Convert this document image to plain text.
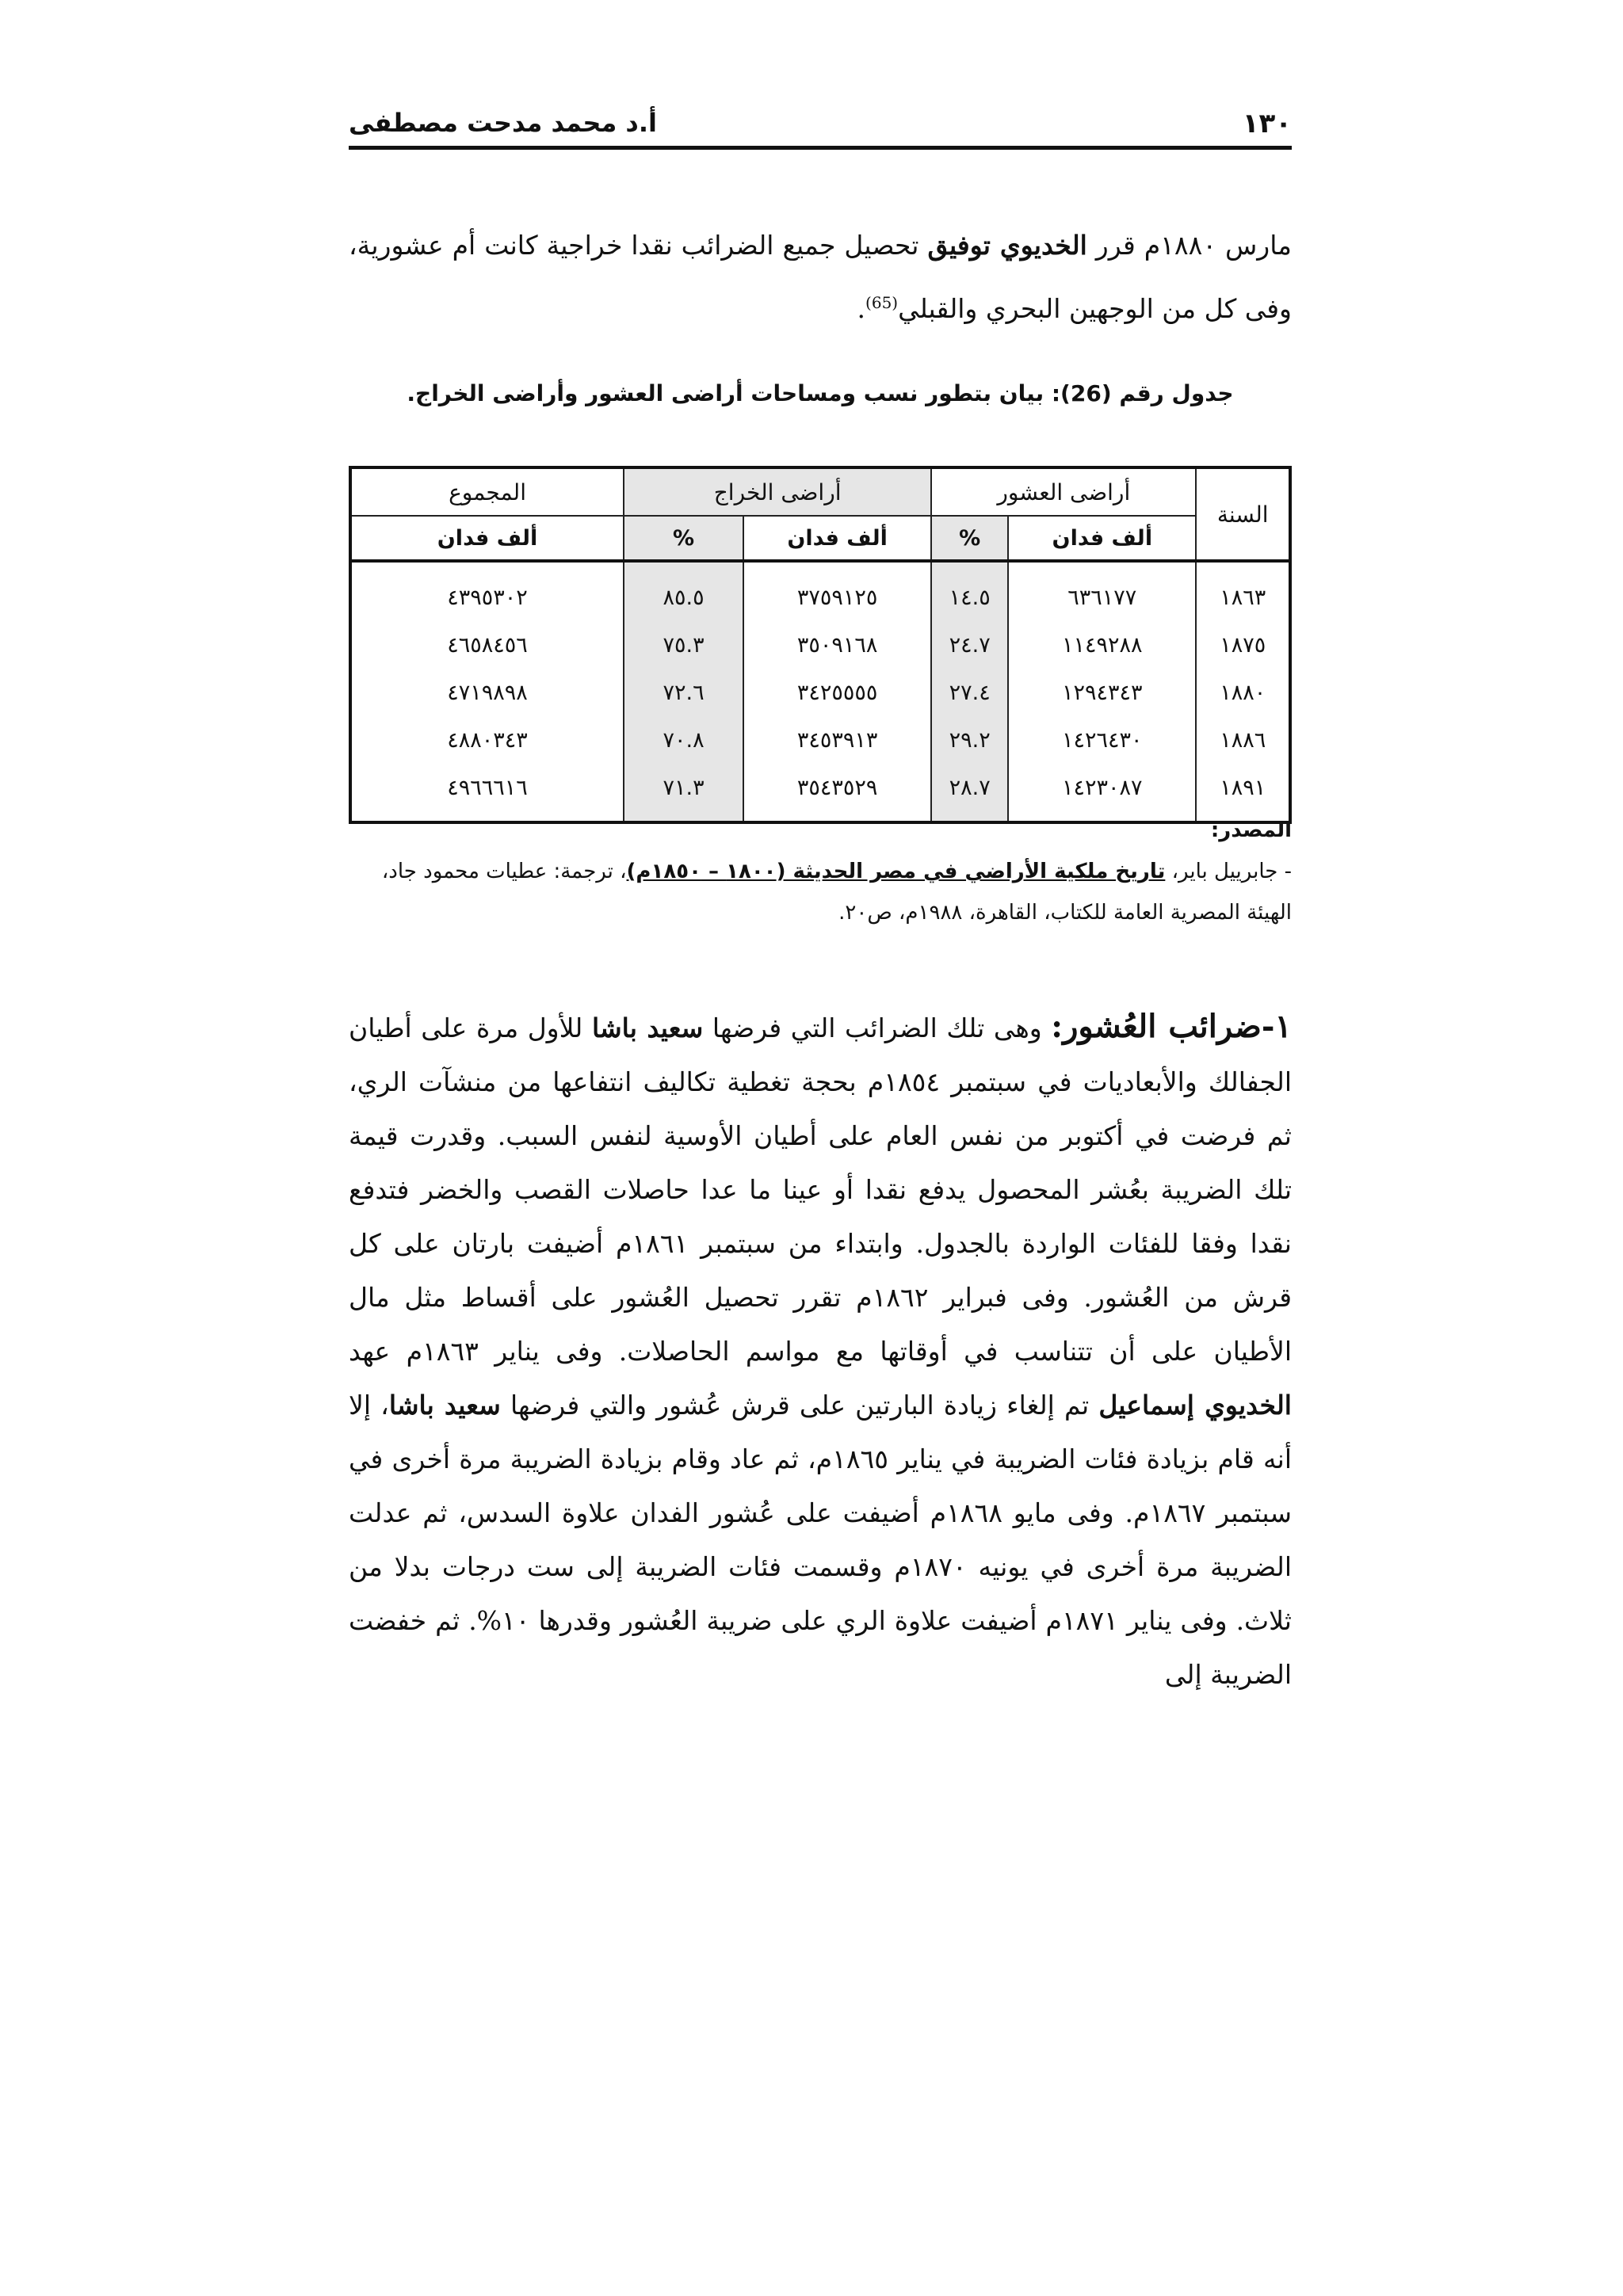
١٣٠
أ.د محمد مدحت مصطفى

مارس ١٨٨٠م قرر الخديوي توفيق تحصيل جميع الضرائب نقدا خراجية كانت أم عشورية، وفى كل من الوجهين البحري والقبلي$^{(65)}$.

جدول رقم (26): بيان بتطور نسب ومساحات أراضى العشور وأراضى الخراج.
السنة	أراضى العشور		أراضى الخراج		المجموع
	ألف فدان	%	ألف فدان	%	ألف فدان
١٨٦٣	٦٣٦١٧٧	١٤.٥	٣٧٥٩١٢٥	٨٥.٥	٤٣٩٥٣٠٢
١٨٧٥	١١٤٩٢٨٨	٢٤.٧	٣٥٠٩١٦٨	٧٥.٣	٤٦٥٨٤٥٦
١٨٨٠	١٢٩٤٣٤٣	٢٧.٤	٣٤٢٥٥٥٥	٧٢.٦	٤٧١٩٨٩٨
١٨٨٦	١٤٢٦٤٣٠	٢٩.٢	٣٤٥٣٩١٣	٧٠.٨	٤٨٨٠٣٤٣
١٨٩١	١٤٢٣٠٨٧	٢٨.٧	٣٥٤٣٥٢٩	٧١.٣	٤٩٦٦٦١٦
المصدر:
- جابرييل باير، تاريخ ملكية الأراضي في مصر الحديثة (١٨٠٠ – ١٨٥٠م)، ترجمة: عطيات محمود جاد،
الهيئة المصرية العامة للكتاب، القاهرة، ١٩٨٨م، ص٢٠.

١-ضرائب العُشور: وهى تلك الضرائب التي فرضها سعيد باشا للأول مرة على أطيان الجفالك والأبعاديات في سبتمبر ١٨٥٤م بحجة تغطية تكاليف انتفاعها من منشآت الري، ثم فرضت في أكتوبر من نفس العام على أطيان الأوسية لنفس السبب. وقدرت قيمة تلك الضريبة بعُشر المحصول يدفع نقدا أو عينا ما عدا حاصلات القصب والخضر فتدفع نقدا وفقا للفئات الواردة بالجدول. وابتداء من سبتمبر ١٨٦١م أضيفت بارتان على كل قرش من العُشور. وفى فبراير ١٨٦٢م تقرر تحصيل العُشور على أقساط مثل مال الأطيان على أن تتناسب في أوقاتها مع مواسم الحاصلات. وفى يناير ١٨٦٣م عهد الخديوي إسماعيل تم إلغاء زيادة البارتين على قرش عُشور والتي فرضها سعيد باشا، إلا أنه قام بزيادة فئات الضريبة في يناير ١٨٦٥م، ثم عاد وقام بزيادة الضريبة مرة أخرى في سبتمبر ١٨٦٧م. وفى مايو ١٨٦٨م أضيفت على عُشور الفدان علاوة السدس، ثم عدلت الضريبة مرة أخرى في يونيه ١٨٧٠م وقسمت فئات الضريبة إلى ست درجات بدلا من ثلاث. وفى يناير ١٨٧١م أضيفت علاوة الري على ضريبة العُشور وقدرها ١٠%. ثم خفضت الضريبة إلى
